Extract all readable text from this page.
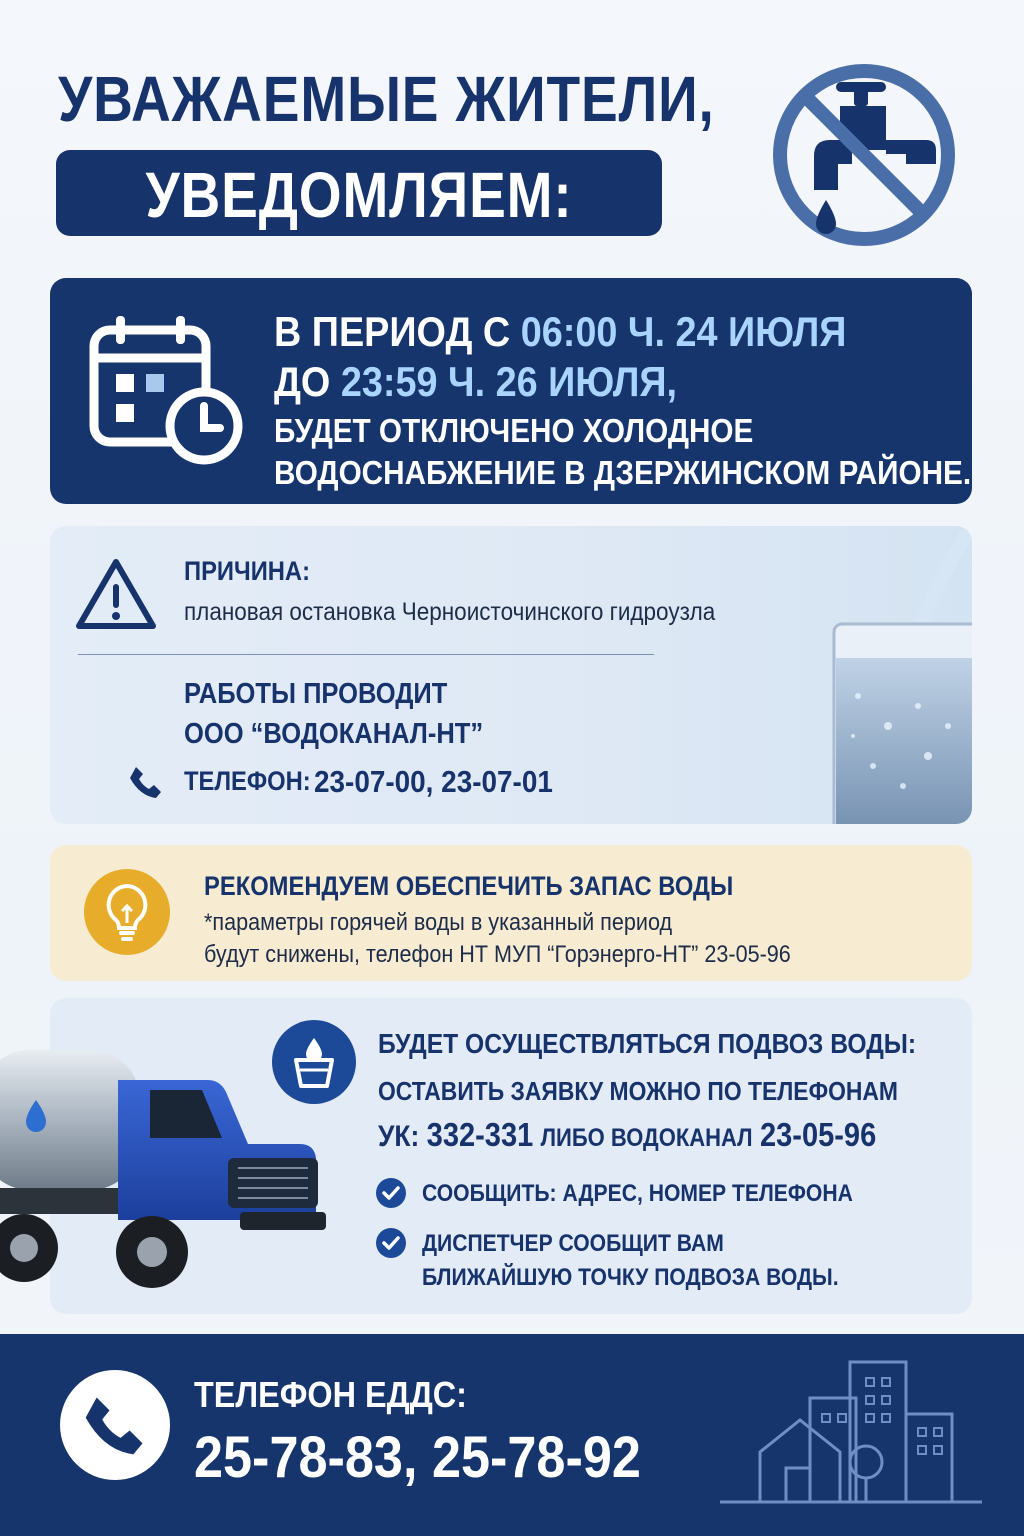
УВАЖАЕМЫЕ ЖИТЕЛИ,
УВЕДОМЛЯЕМ:
В ПЕРИОД С 06:00 Ч. 24 ИЮЛЯ
ДО 23:59 Ч. 26 ИЮЛЯ,
БУДЕТ ОТКЛЮЧЕНО ХОЛОДНОЕ
ВОДОСНАБЖЕНИЕ В ДЗЕРЖИНСКОМ РАЙОНЕ.
ПРИЧИНА:
плановая остановка Черноисточинского гидроузла
РАБОТЫ ПРОВОДИТ
ООО “ВОДОКАНАЛ-НТ”
ТЕЛЕФОН: 23-07-00, 23-07-01
РЕКОМЕНДУЕМ ОБЕСПЕЧИТЬ ЗАПАС ВОДЫ
*параметры горячей воды в указанный период
будут снижены, телефон НТ МУП “Горэнерго-НТ” 23-05-96
БУДЕТ ОСУЩЕСТВЛЯТЬСЯ ПОДВОЗ ВОДЫ:
ОСТАВИТЬ ЗАЯВКУ МОЖНО ПО ТЕЛЕФОНАМ
УК: 332-331 ЛИБО ВОДОКАНАЛ 23-05-96
СООБЩИТЬ: АДРЕС, НОМЕР ТЕЛЕФОНА
ДИСПЕТЧЕР СООБЩИТ ВАМ
БЛИЖАЙШУЮ ТОЧКУ ПОДВОЗА ВОДЫ.
ТЕЛЕФОН ЕДДС:
25-78-83, 25-78-92
